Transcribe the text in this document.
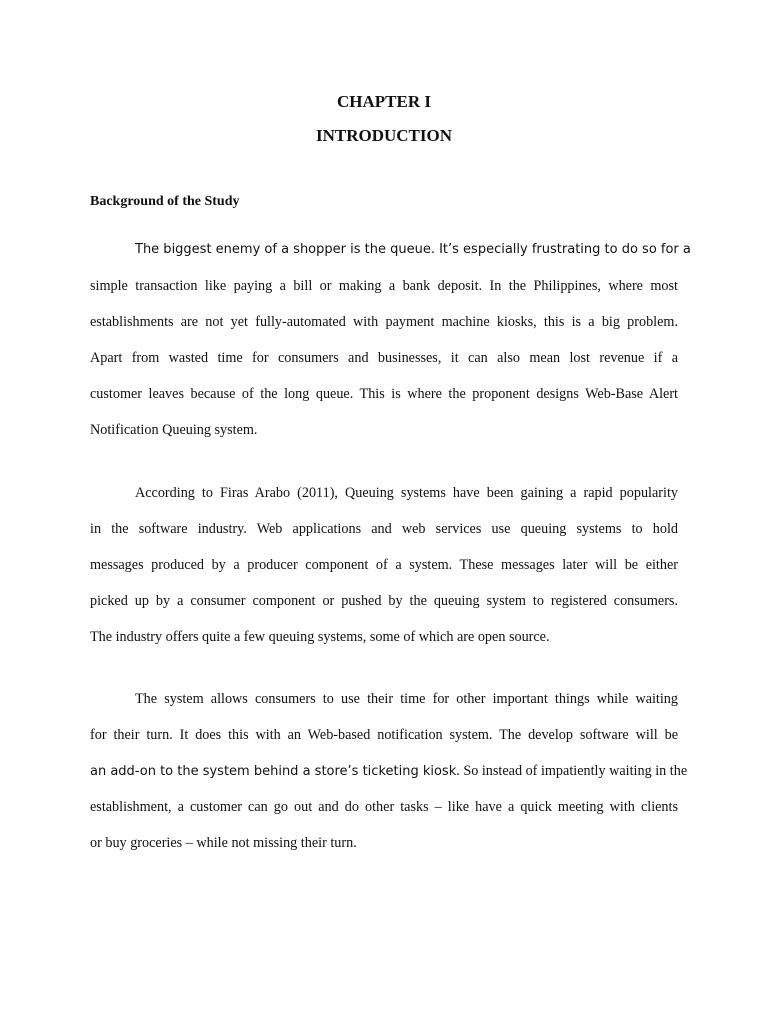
CHAPTER I
INTRODUCTION
Background of the Study
The biggest enemy of a shopper is the queue. It’s especially frustrating to do so for a
simple transaction like paying a bill or making a bank deposit. In the Philippines, where most
establishments are not yet fully-automated with payment machine kiosks, this is a big problem.
Apart from wasted time for consumers and businesses, it can also mean lost revenue if a
customer leaves because of the long queue. This is where the proponent designs Web-Base Alert
Notification Queuing system.
According to Firas Arabo (2011), Queuing systems have been gaining a rapid popularity
in the software industry. Web applications and web services use queuing systems to hold
messages produced by a producer component of a system. These messages later will be either
picked up by a consumer component or pushed by the queuing system to registered consumers.
The industry offers quite a few queuing systems, some of which are open source.
The system allows consumers to use their time for other important things while waiting
for their turn. It does this with an Web-based notification system. The develop software will be
an add-on to the system behind a store’s ticketing kiosk. So instead of impatiently waiting in the
establishment, a customer can go out and do other tasks – like have a quick meeting with clients
or buy groceries – while not missing their turn.
